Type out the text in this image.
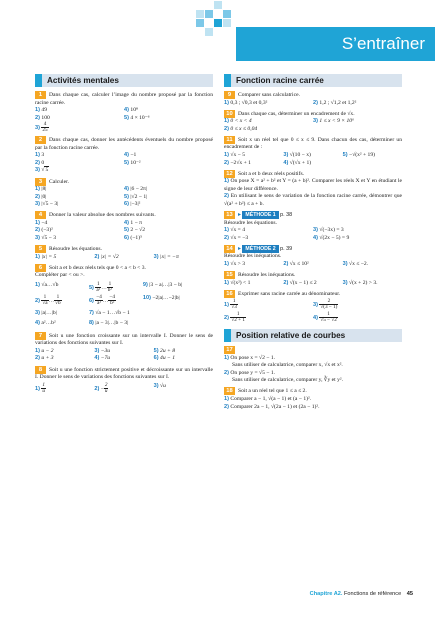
S’entraîner
Activités mentales
1 Dans chaque cas, calculer l’image du nombre proposé par la fonction racine carrée.
1) 49	4) 10⁸
2) 100	5) 4 × 10⁻⁶
$3) \frac{4}{25}$
2 Dans chaque cas, donner les antécédents éventuels du nombre proposé par la fonction racine carrée.
1) 3	4) −1
2) 0	5) 10⁻²
3) √5
3 Calculer.
1) |8|	4) |6 − 2π|
2) |0|	5) |√2 − 1|
3) |√5 − 3|	6) |−3|²
4 Donner la valeur absolue des nombres suivants.
1) −4	4) 1 − π
2) (−3)²	5) 2 − √2
3) √5 − 3	6) (−1)⁵
5 Résoudre les équations.
1) |x| = 5	2) |x| = √2	3) |x| = −π
6 Soit a et b deux réels tels que 0 < a < b < 3.
Compléter par < ou >.
1) √a…√b	$5) \frac{1}{\text{a²}}$ … $\frac{1}{\text{b²}}$	9) |3 − a|…|3 − b|
$2) \frac{1}{√a}$ … $\frac{1}{√b}$	$6) \frac{-4}{\text{a²}}$ … $\frac{-4}{\text{b²}}$	10) −2|a|…−2|b|
3) |a|…|b|	7) √a − 1…√b − 1
4) a²…b²	8) |a − 3|…|b − 3|
7 Soit u une fonction croissante sur un intervalle I. Donner le sens de variations des fonctions suivantes sur I.
1) u − 2	3) −3u	5) 2u + 8
2) u + 3	4) −7u	6) 4u − 1
8 Soit u une fonction strictement positive et décroissante sur un intervalle I. Donner le sens de variations des fonctions suivantes sur I.
$1) \frac{1}{u}$	$2) - \frac{2}{u}$	3) √u
Fonction racine carrée
9 Comparer sans calculatrice.
1) 0,3 ; √0,3 et 0,3²	2) 1,2 ; √1,2 et 1,2²
10 Dans chaque cas, déterminer un encadrement de √x.
1) 0 < x < 4	3) 1 ≤ x < 9 × 10⁶
2) 0 ≤ x ≤ 0,04
11 Soit x un réel tel que 0 ≤ x ≤ 9. Dans chacun des cas, déterminer un encadrement de :
1) √x − 5	3) √(10 − x)	5) −√(x² + 19)
2) −2√x + 1	4) √(√x + 1)
12 Soit a et b deux réels positifs.
1) On pose X = a² + b² et Y = (a + b)². Comparer les réels X et Y en étudiant le signe de leur différence.
2) En utilisant le sens de variation de la fonction racine carrée, démontrer que √(a² + b²) ≤ a + b.
13 ▸ MÉTHODE 1 p. 38
Résoudre les équations.
1) √x = 4	3) √(−3x) = 3
2) √x = −3	4) √(2x − 5) = 9
14 ▸ MÉTHODE 2 p. 39
Résoudre les inéquations.
1) √x > 3	2) √x ≤ 10²	3) √x ≤ −2.
15 Résoudre les inéquations.
1) √(x²) < 1	2) √(x − 1) ≤ 2	3) √(x + 2) > 3.
16 Exprimer sans racine carrée au dénominateur.
$1) \frac{1}{√3}$	$3) \frac{2}{√(3 - 1)}$
$2) \frac{1}{√2 + 1}$	$4) \frac{1}{√5 - √2}$
Position relative de courbes
17
1) On pose x = √2 − 1.
Sans utiliser de calculatrice, comparer x, √x et x².
2) On pose y = √5 − 1.
Sans utiliser de calculatrice, comparer y, ∛y et y².
18 Soit a un réel tel que 1 ≤ a ≤ 2.
1) Comparer a − 1, √(a − 1) et (a − 1)².
2) Comparer 2a − 1, √(2a − 1) et (2a − 1)².
Chapitre A2. Fonctions de référence 45
